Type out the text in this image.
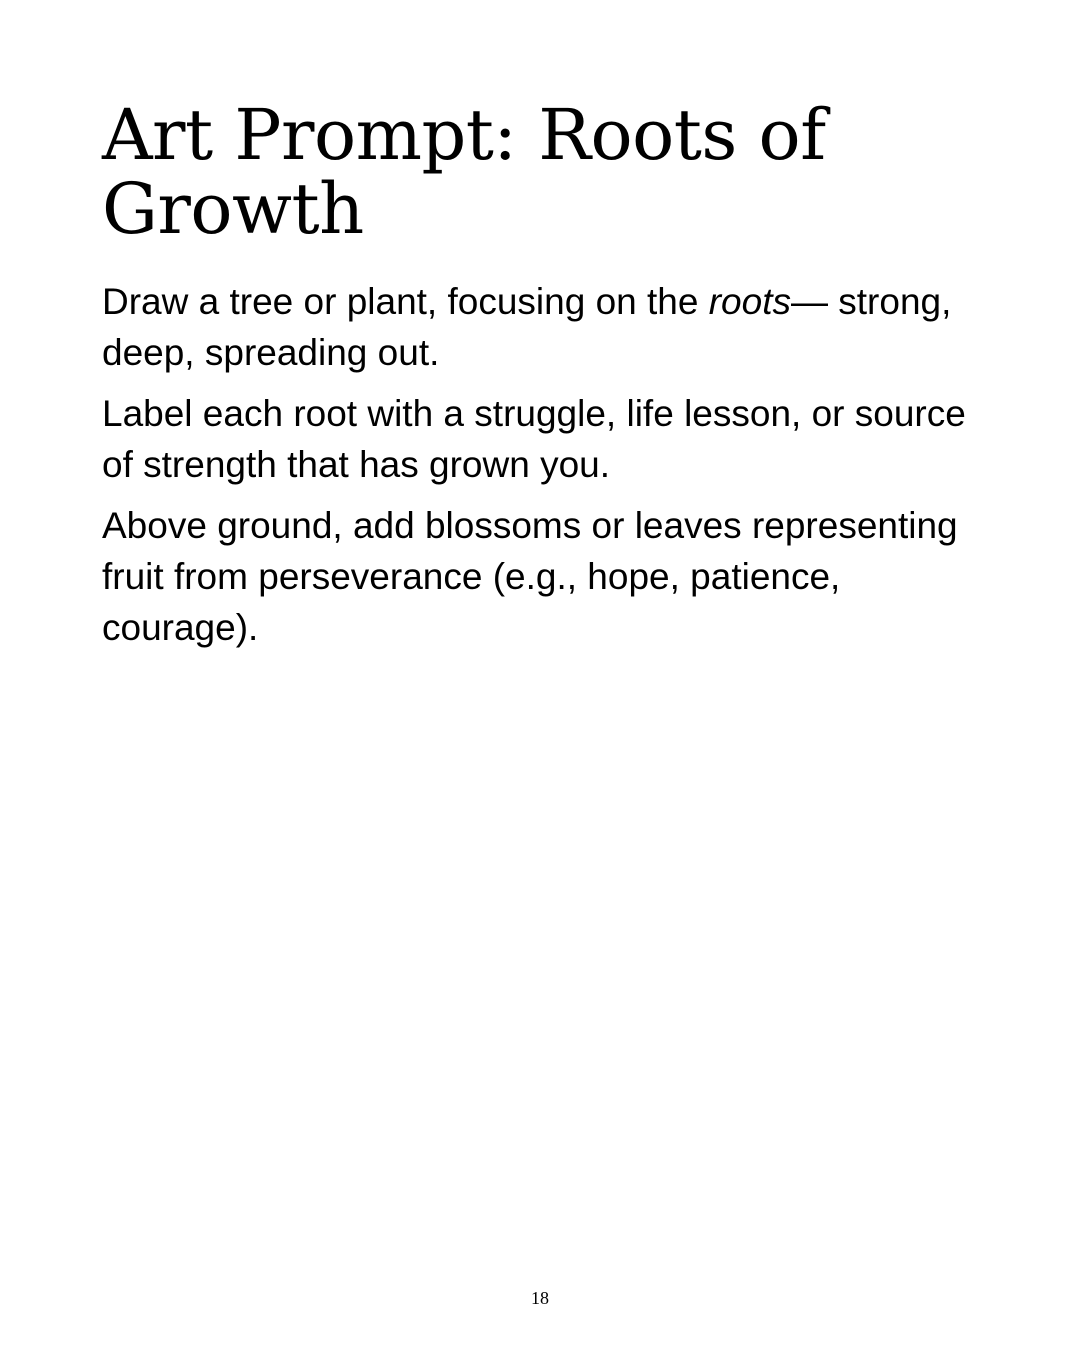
Art Prompt: Roots of Growth

Draw a tree or plant, focusing on the roots— strong, deep, spreading out.

Label each root with a struggle, life lesson, or source of strength that has grown you.

Above ground, add blossoms or leaves representing fruit from perseverance (e.g., hope, patience, courage).

18
